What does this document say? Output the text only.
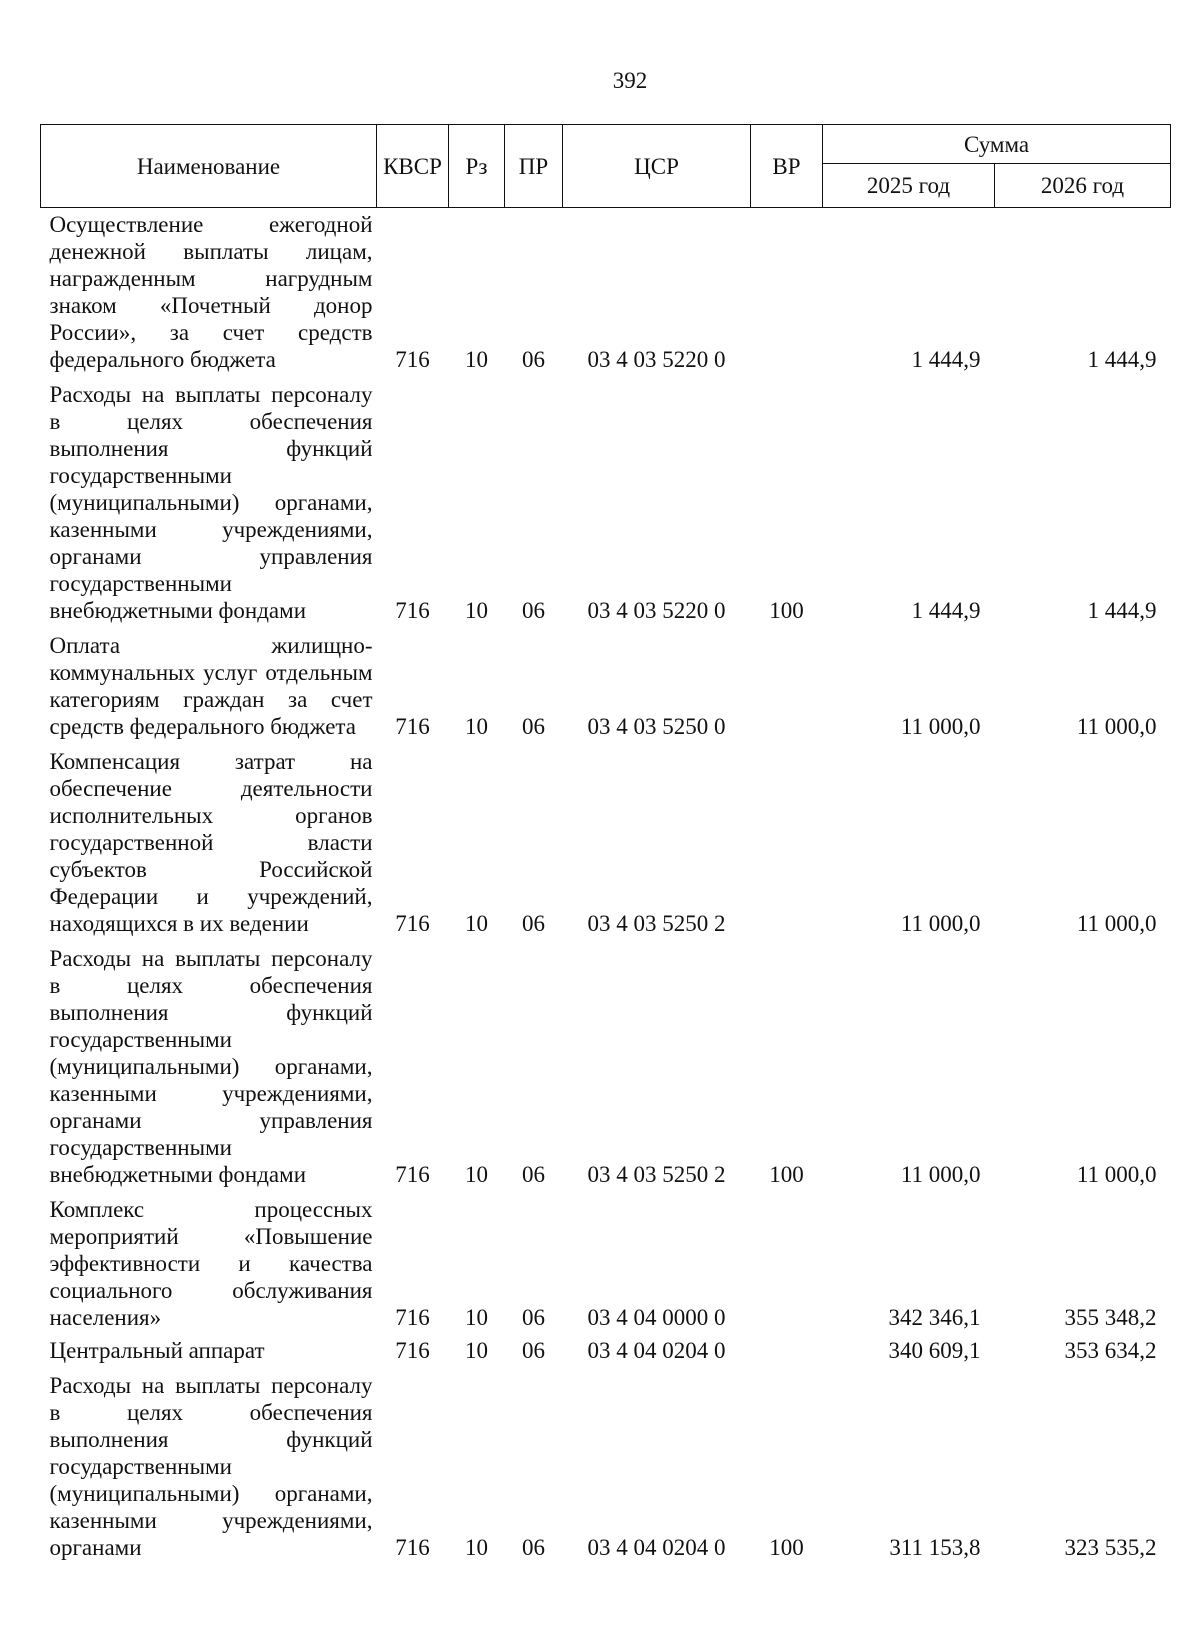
392
Наименование	КВСР	Рз	ПР	ЦСР	ВР	Сумма	
						2025 год	2026 год
Осуществление ежегодной денежной выплаты лицам, награжденным нагрудным знаком «Почетный донор России», за счет средств федерального бюджета	716	10	06	03 4 03 5220 0		1 444,9	1 444,9
Расходы на выплаты персоналу в целях обеспечения выполнения функций государственными (муниципальными) органами, казенными учреждениями, органами управления государственными внебюджетными фондами	716	10	06	03 4 03 5220 0	100	1 444,9	1 444,9
Оплата жилищно-коммунальных услуг отдельным категориям граждан за счет средств федерального бюджета	716	10	06	03 4 03 5250 0		11 000,0	11 000,0
Компенсация затрат на обеспечение деятельности исполнительных органов государственной власти субъектов Российской Федерации и учреждений, находящихся в их ведении	716	10	06	03 4 03 5250 2		11 000,0	11 000,0
Расходы на выплаты персоналу в целях обеспечения выполнения функций государственными (муниципальными) органами, казенными учреждениями, органами управления государственными внебюджетными фондами	716	10	06	03 4 03 5250 2	100	11 000,0	11 000,0
Комплекс процессных мероприятий «Повышение эффективности и качества социального обслуживания населения»	716	10	06	03 4 04 0000 0		342 346,1	355 348,2
Центральный аппарат	716	10	06	03 4 04 0204 0		340 609,1	353 634,2
Расходы на выплаты персоналу в целях обеспечения выполнения функций государственными (муниципальными) органами, казенными учреждениями, органами	716	10	06	03 4 04 0204 0	100	311 153,8	323 535,2
